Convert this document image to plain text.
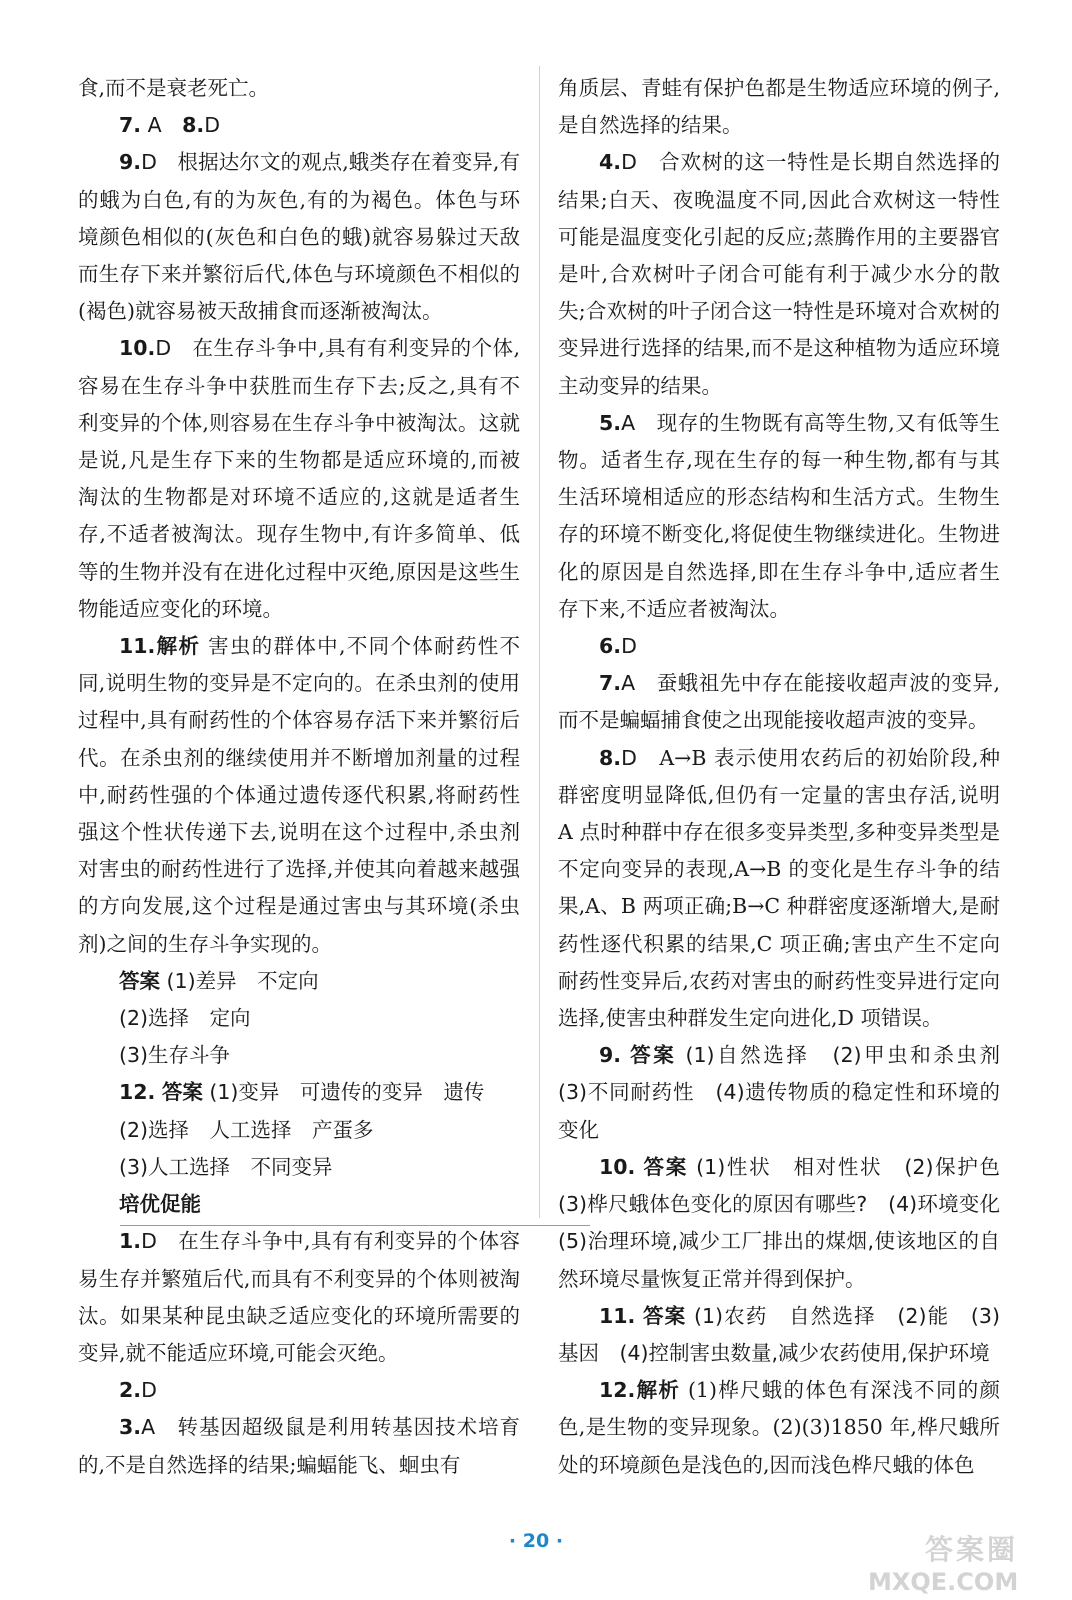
食,而不是衰老死亡。

7. A　 8.D

9.D　 根据达尔文的观点,蛾类存在着变异,有的蛾为白色,有的为灰色,有的为褐色。体色与环境颜色相似的(灰色和白色的蛾)就容易躲过天敌而生存下来并繁衍后代,体色与环境颜色不相似的(褐色)就容易被天敌捕食而逐渐被淘汰。

10.D　 在生存斗争中,具有有利变异的个体,容易在生存斗争中获胜而生存下去;反之,具有不利变异的个体,则容易在生存斗争中被淘汰。这就是说,凡是生存下来的生物都是适应环境的,而被淘汰的生物都是对环境不适应的,这就是适者生存,不适者被淘汰。现存生物中,有许多简单、低等的生物并没有在进化过程中灭绝,原因是这些生物能适应变化的环境。

11.解析 害虫的群体中,不同个体耐药性不同,说明生物的变异是不定向的。在杀虫剂的使用过程中,具有耐药性的个体容易存活下来并繁衍后代。在杀虫剂的继续使用并不断增加剂量的过程中,耐药性强的个体通过遗传逐代积累,将耐药性强这个性状传递下去,说明在这个过程中,杀虫剂对害虫的耐药性进行了选择,并使其向着越来越强的方向发展,这个过程是通过害虫与其环境(杀虫剂)之间的生存斗争实现的。

答案 (1)差异　不定向

(2)选择　定向

(3)生存斗争

12. 答案 (1)变异　可遗传的变异　遗传

(2)选择　人工选择　产蛋多

(3)人工选择　不同变异

培优促能

1.D　 在生存斗争中,具有有利变异的个体容易生存并繁殖后代,而具有不利变异的个体则被淘汰。如果某种昆虫缺乏适应变化的环境所需要的变异,就不能适应环境,可能会灭绝。

2.D

3.A　 转基因超级鼠是利用转基因技术培育的,不是自然选择的结果;蝙蝠能飞、蛔虫有

角质层、青蛙有保护色都是生物适应环境的例子,是自然选择的结果。

4.D　 合欢树的这一特性是长期自然选择的结果;白天、夜晚温度不同,因此合欢树这一特性可能是温度变化引起的反应;蒸腾作用的主要器官是叶,合欢树叶子闭合可能有利于减少水分的散失;合欢树的叶子闭合这一特性是环境对合欢树的变异进行选择的结果,而不是这种植物为适应环境主动变异的结果。

5.A　 现存的生物既有高等生物,又有低等生物。适者生存,现在生存的每一种生物,都有与其生活环境相适应的形态结构和生活方式。生物生存的环境不断变化,将促使生物继续进化。生物进化的原因是自然选择,即在生存斗争中,适应者生存下来,不适应者被淘汰。

6.D

7.A　 蚕蛾祖先中存在能接收超声波的变异,而不是蝙蝠捕食使之出现能接收超声波的变异。

8.D　 A→B 表示使用农药后的初始阶段,种群密度明显降低,但仍有一定量的害虫存活,说明 A 点时种群中存在很多变异类型,多种变异类型是不定向变异的表现,A→B 的变化是生存斗争的结果,A、B 两项正确;B→C 种群密度逐渐增大,是耐药性逐代积累的结果,C 项正确;害虫产生不定向耐药性变异后,农药对害虫的耐药性变异进行定向选择,使害虫种群发生定向进化,D 项错误。

9. 答案 (1)自然选择　(2)甲虫和杀虫剂　(3)不同耐药性　(4)遗传物质的稳定性和环境的变化

10. 答案 (1)性状　相对性状　(2)保护色　(3)桦尺蛾体色变化的原因有哪些?　(4)环境变化　(5)治理环境,减少工厂排出的煤烟,使该地区的自然环境尽量恢复正常并得到保护。

11. 答案 (1)农药　自然选择　(2)能　(3)基因　(4)控制害虫数量,减少农药使用,保护环境

12.解析 (1)桦尺蛾的体色有深浅不同的颜色,是生物的变异现象。(2)(3)1850 年,桦尺蛾所处的环境颜色是浅色的,因而浅色桦尺蛾的体色

· 20 ·	答案圈
MXQE.COM
